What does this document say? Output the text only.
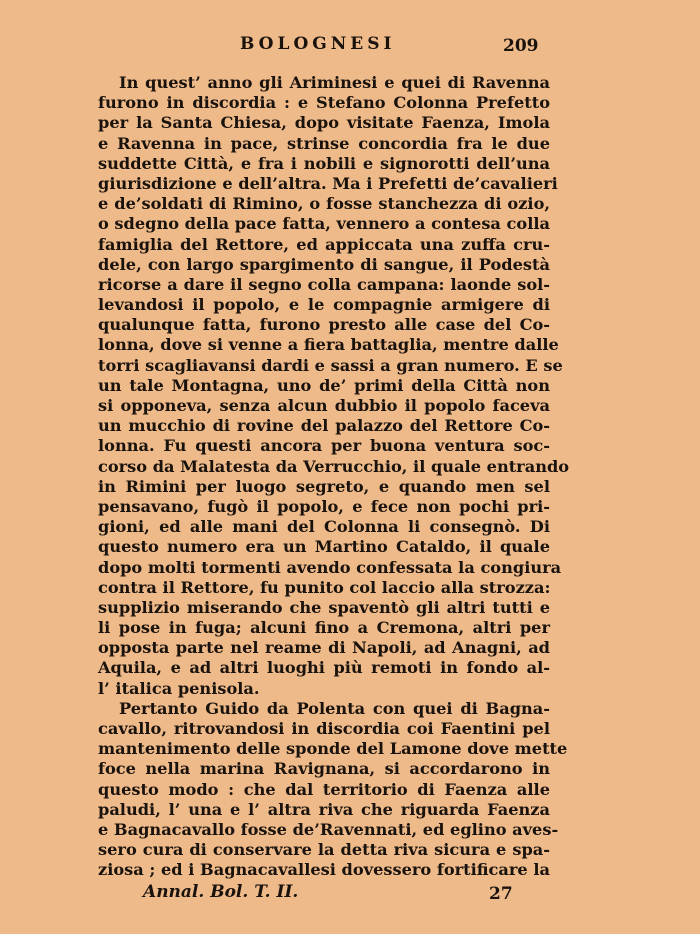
BOLOGNESI	209
In quest’ anno gli Ariminesi e quei di Ravenna
furono in discordia : e Stefano Colonna Prefetto
per la Santa Chiesa, dopo visitate Faenza, Imola
e Ravenna in pace, strinse concordia fra le due
suddette Città, e fra i nobili e signorotti dell’una
giurisdizione e dell’altra. Ma i Prefetti de’cavalieri
e de’soldati di Rimino, o fosse stanchezza di ozio,
o sdegno della pace fatta, vennero a contesa colla
famiglia del Rettore, ed appiccata una zuffa cru-
dele, con largo spargimento di sangue, il Podestà
ricorse a dare il segno colla campana: laonde sol-
levandosi il popolo, e le compagnie armigere di
qualunque fatta, furono presto alle case del Co-
lonna, dove si venne a fiera battaglia, mentre dalle
torri scagliavansi dardi e sassi a gran numero. E se
un tale Montagna, uno de’ primi della Città non
si opponeva, senza alcun dubbio il popolo faceva
un mucchio di rovine del palazzo del Rettore Co-
lonna. Fu questi ancora per buona ventura soc-
corso da Malatesta da Verrucchio, il quale entrando
in Rimini per luogo segreto, e quando men sel
pensavano, fugò il popolo, e fece non pochi pri-
gioni, ed alle mani del Colonna li consegnò. Di
questo numero era un Martino Cataldo, il quale
dopo molti tormenti avendo confessata la congiura
contra il Rettore, fu punito col laccio alla strozza:
supplizio miserando che spaventò gli altri tutti e
li pose in fuga; alcuni fino a Cremona, altri per
opposta parte nel reame di Napoli, ad Anagni, ad
Aquila, e ad altri luoghi più remoti in fondo al-
l’ italica penisola.
Pertanto Guido da Polenta con quei di Bagna-
cavallo, ritrovandosi in discordia coi Faentini pel
mantenimento delle sponde del Lamone dove mette
foce nella marina Ravignana, si accordarono in
questo modo : che dal territorio di Faenza alle
paludi, l’ una e l’ altra riva che riguarda Faenza
e Bagnacavallo fosse de’Ravennati, ed eglino aves-
sero cura di conservare la detta riva sicura e spa-
ziosa ; ed i Bagnacavallesi dovessero fortificare la
Annal. Bol. T. II.	27
